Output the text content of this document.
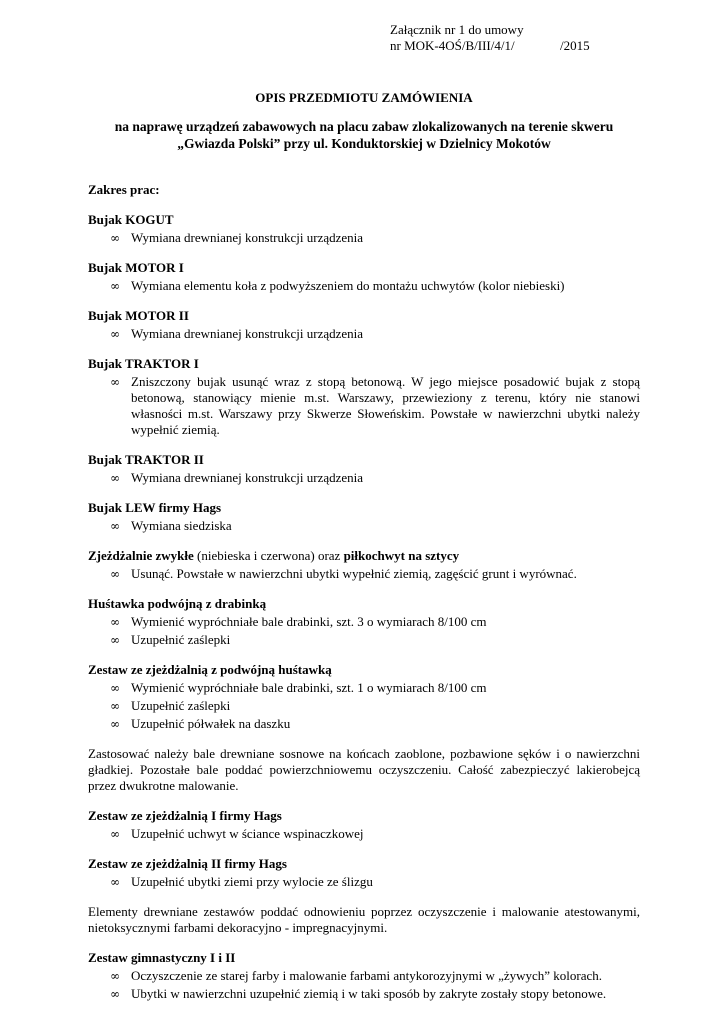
Załącznik nr 1 do umowy
nr MOK-4OŚ/B/III/4/1/	/2015
OPIS PRZEDMIOTU ZAMÓWIENIA
na naprawę urządzeń zabawowych na placu zabaw zlokalizowanych na terenie skweru „Gwiazda Polski” przy ul. Konduktorskiej w Dzielnicy Mokotów
Zakres prac:
Bujak KOGUT
∞ Wymiana drewnianej konstrukcji urządzenia
Bujak MOTOR I
∞ Wymiana elementu koła z podwyższeniem do montażu uchwytów (kolor niebieski)
Bujak MOTOR II
∞ Wymiana drewnianej konstrukcji urządzenia
Bujak TRAKTOR I
∞ Zniszczony bujak usunąć wraz z stopą betonową. W jego miejsce posadowić bujak z stopą betonową, stanowiący mienie m.st. Warszawy, przewieziony z terenu, który nie stanowi własności m.st. Warszawy przy Skwerze Słoweńskim. Powstałe w nawierzchni ubytki należy wypełnić ziemią.
Bujak TRAKTOR II
∞ Wymiana drewnianej konstrukcji urządzenia
Bujak LEW firmy Hags
∞ Wymiana siedziska
Zjeżdżalnie zwykłe (niebieska i czerwona) oraz piłkochwyt na sztycy
∞ Usunąć. Powstałe w nawierzchni ubytki wypełnić ziemią, zagęścić grunt i wyrównać.
Huśtawka podwójną z drabinką
∞ Wymienić wypróchniałe bale drabinki, szt. 3 o wymiarach 8/100 cm
∞ Uzupełnić zaślepki
Zestaw ze zjeżdżalnią z podwójną huśtawką
∞ Wymienić wypróchniałe bale drabinki, szt. 1 o wymiarach 8/100 cm
∞ Uzupełnić zaślepki
∞ Uzupełnić półwałek na daszku
Zastosować należy bale drewniane sosnowe na końcach zaoblone, pozbawione sęków i o nawierzchni gładkiej. Pozostałe bale poddać powierzchniowemu oczyszczeniu. Całość zabezpieczyć lakierobejcą przez dwukrotne malowanie.
Zestaw ze zjeżdżalnią I firmy Hags
∞ Uzupełnić uchwyt w ściance wspinaczkowej
Zestaw ze zjeżdżalnią II firmy Hags
∞ Uzupełnić ubytki ziemi przy wylocie ze ślizgu
Elementy drewniane zestawów poddać odnowieniu poprzez oczyszczenie i malowanie atestowanymi, nietoksycznymi farbami dekoracyjno - impregnacyjnymi.
Zestaw gimnastyczny I i II
∞ Oczyszczenie ze starej farby i malowanie farbami antykorozyjnymi w „żywych” kolorach.
∞ Ubytki w nawierzchni uzupełnić ziemią i w taki sposób by zakryte zostały stopy betonowe.
